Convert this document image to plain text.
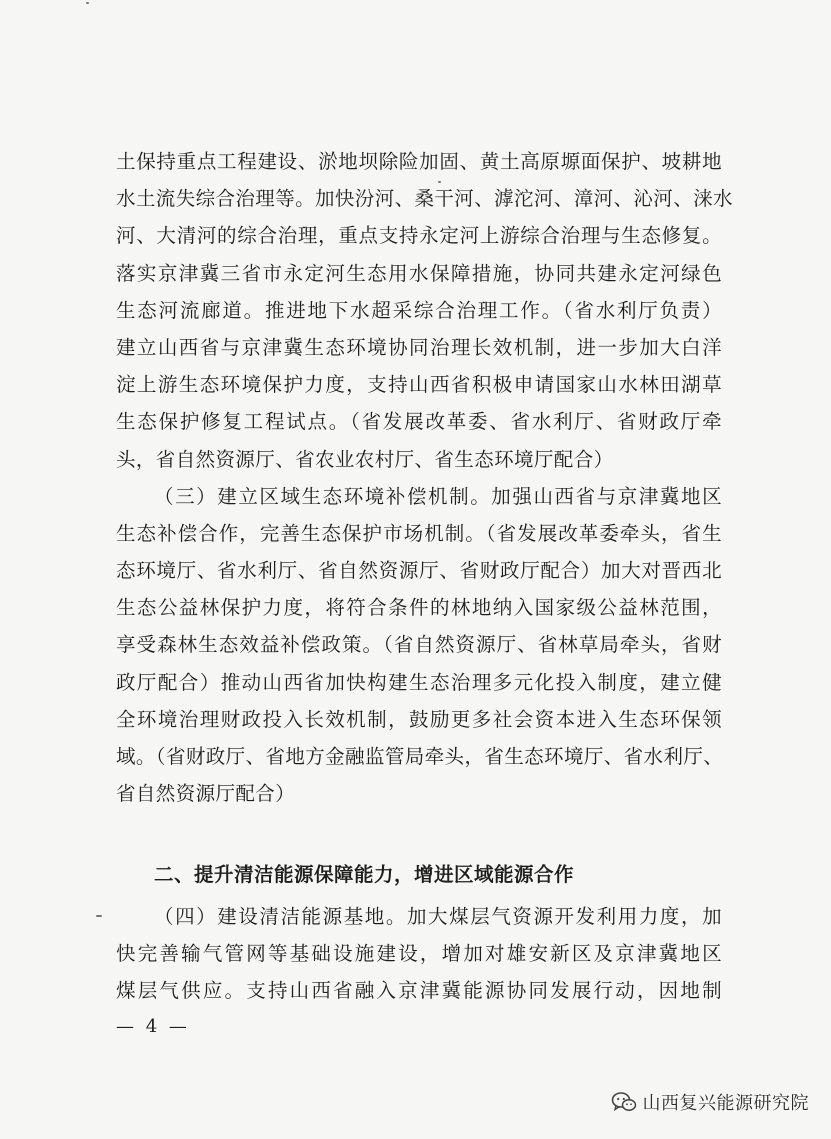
土保持重点工程建设、淤地坝除险加固、黄土高原塬面保护、坡耕地
水土流失综合治理等。加快汾河、桑干河、滹沱河、漳河、沁河、涞水
河、大清河的综合治理，重点支持永定河上游综合治理与生态修复。
落实京津冀三省市永定河生态用水保障措施，协同共建永定河绿色
生态河流廊道。推进地下水超采综合治理工作。（省水利厅负责）
建立山西省与京津冀生态环境协同治理长效机制，进一步加大白洋
淀上游生态环境保护力度，支持山西省积极申请国家山水林田湖草
生态保护修复工程试点。（省发展改革委、省水利厅、省财政厅牵
头，省自然资源厅、省农业农村厅、省生态环境厅配合）
（三）建立区域生态环境补偿机制。加强山西省与京津冀地区
生态补偿合作，完善生态保护市场机制。（省发展改革委牵头，省生
态环境厅、省水利厅、省自然资源厅、省财政厅配合）加大对晋西北
生态公益林保护力度，将符合条件的林地纳入国家级公益林范围，
享受森林生态效益补偿政策。（省自然资源厅、省林草局牵头，省财
政厅配合）推动山西省加快构建生态治理多元化投入制度，建立健
全环境治理财政投入长效机制，鼓励更多社会资本进入生态环保领
域。（省财政厅、省地方金融监管局牵头，省生态环境厅、省水利厅、
省自然资源厅配合）
二、提升清洁能源保障能力，增进区域能源合作
（四）建设清洁能源基地。加大煤层气资源开发利用力度，加
快完善输气管网等基础设施建设，增加对雄安新区及京津冀地区
煤层气供应。支持山西省融入京津冀能源协同发展行动，因地制
— 4 —
山西复兴能源研究院
